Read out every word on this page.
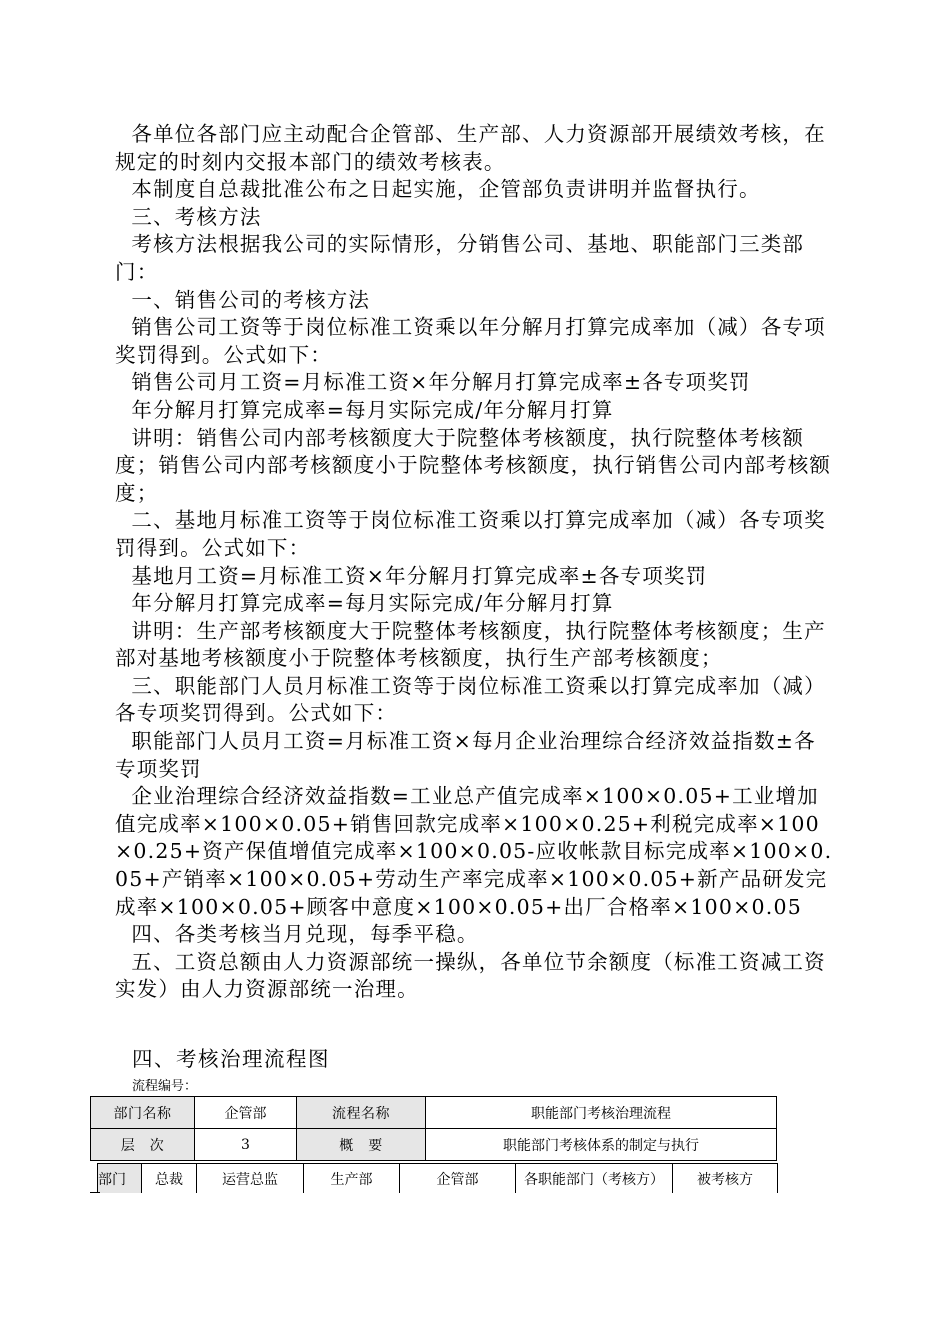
各单位各部门应主动配合企管部、生产部、人力资源部开展绩效考核，在规定的时刻内交报本部门的绩效考核表。

本制度自总裁批准公布之日起实施，企管部负责讲明并监督执行。

三、考核方法

考核方法根据我公司的实际情形，分销售公司、基地、职能部门三类部门：

一、销售公司的考核方法

销售公司工资等于岗位标准工资乘以年分解月打算完成率加（减）各专项奖罚得到。公式如下：

销售公司月工资=月标准工资×年分解月打算完成率±各专项奖罚

年分解月打算完成率=每月实际完成/年分解月打算

讲明：销售公司内部考核额度大于院整体考核额度，执行院整体考核额度；销售公司内部考核额度小于院整体考核额度，执行销售公司内部考核额度；

二、基地月标准工资等于岗位标准工资乘以打算完成率加（减）各专项奖罚得到。公式如下：

基地月工资=月标准工资×年分解月打算完成率±各专项奖罚

年分解月打算完成率=每月实际完成/年分解月打算

讲明：生产部考核额度大于院整体考核额度，执行院整体考核额度；生产部对基地考核额度小于院整体考核额度，执行生产部考核额度；

三、职能部门人员月标准工资等于岗位标准工资乘以打算完成率加（减）各专项奖罚得到。公式如下：

职能部门人员月工资=月标准工资×每月企业治理综合经济效益指数±各专项奖罚

企业治理综合经济效益指数=工业总产值完成率×100×0.05+工业增加值完成率×100×0.05+销售回款完成率×100×0.25+利税完成率×100×0.25+资产保值增值完成率×100×0.05-应收帐款目标完成率×100×0.05+产销率×100×0.05+劳动生产率完成率×100×0.05+新产品研发完成率×100×0.05+顾客中意度×100×0.05+出厂合格率×100×0.05

四、各类考核当月兑现，每季平稳。

五、工资总额由人力资源部统一操纵，各单位节余额度（标准工资减工资实发）由人力资源部统一治理。

四、考核治理流程图

流程编号：

部门名称	企管部	流程名称	职能部门考核治理流程
层　次	3	概　要	职能部门考核体系的制定与执行
部门	总裁	运营总监	生产部	企管部	各职能部门（考核方）	被考核方
